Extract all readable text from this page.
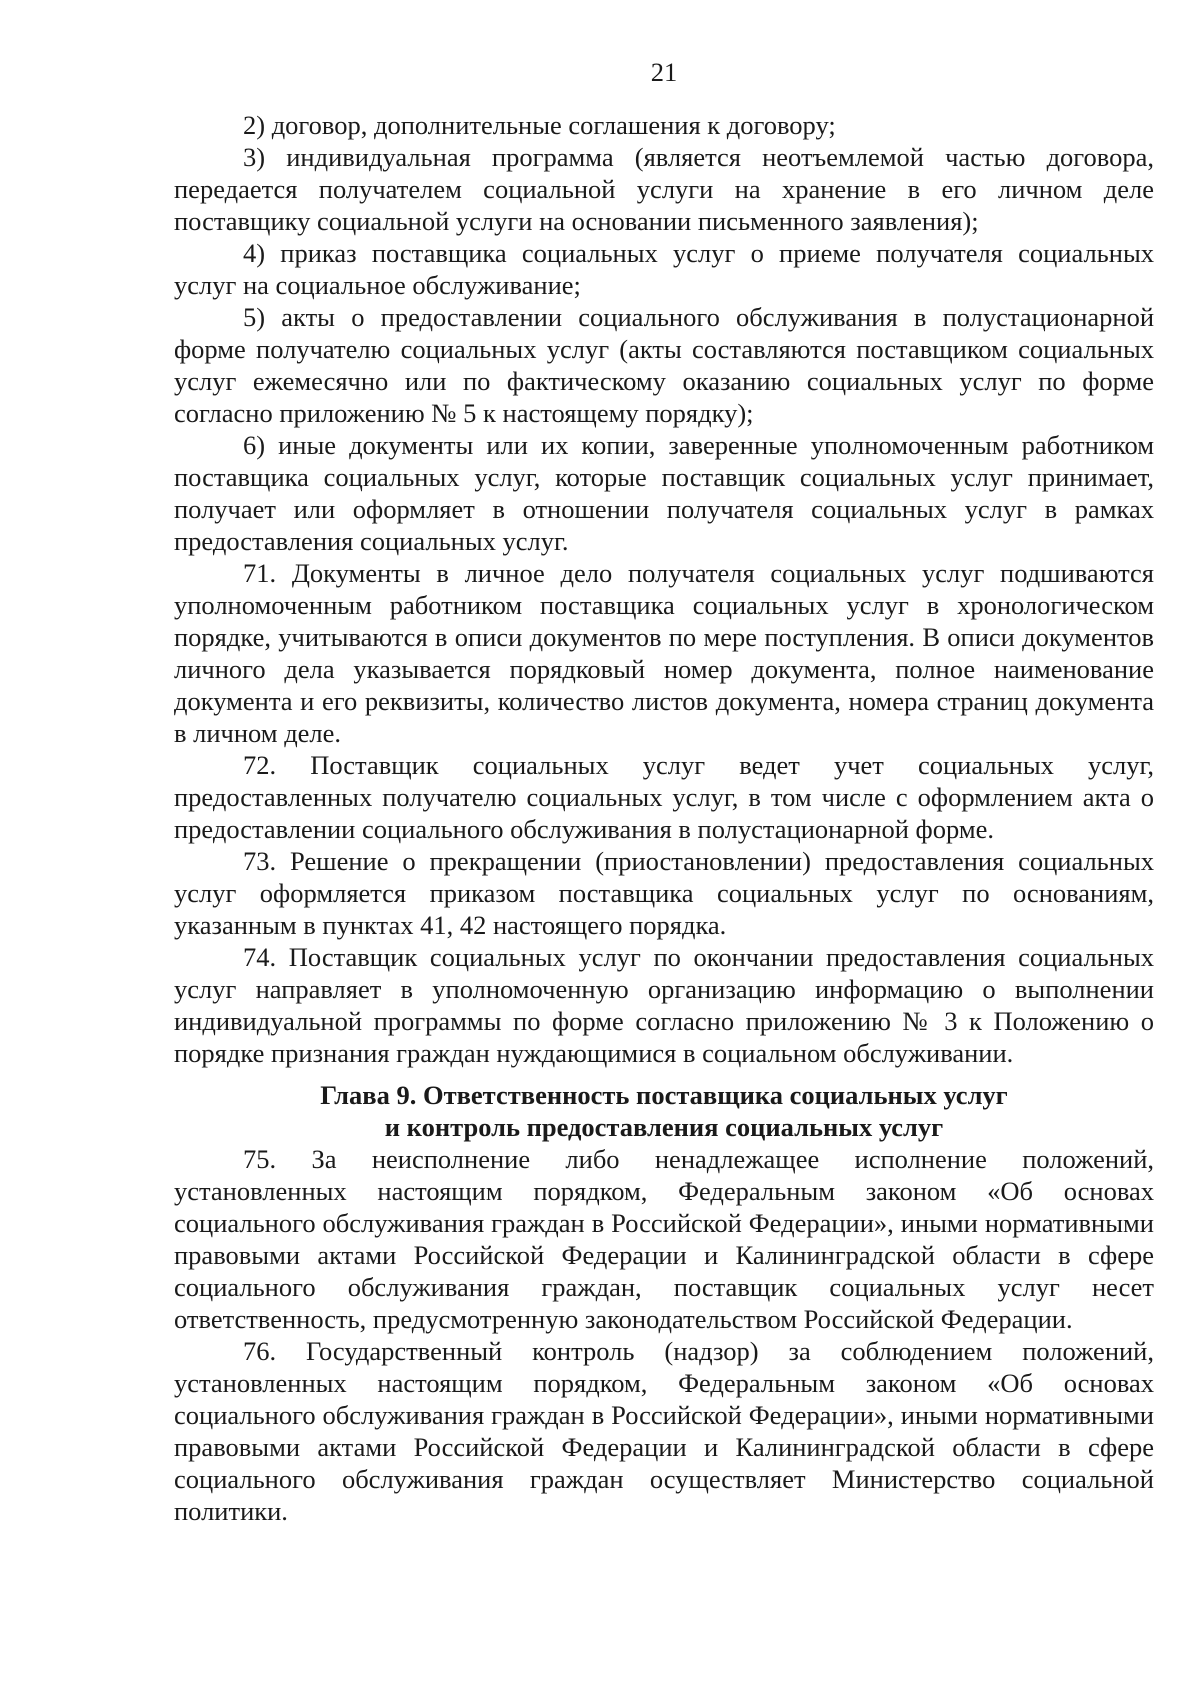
21

2) договор, дополнительные соглашения к договору;

3) индивидуальная программа (является неотъемлемой частью договора, передается получателем социальной услуги на хранение в его личном деле поставщику социальной услуги на основании письменного заявления);

4) приказ поставщика социальных услуг о приеме получателя социальных услуг на социальное обслуживание;

5) акты о предоставлении социального обслуживания в полустационарной форме получателю социальных услуг (акты составляются поставщиком социальных услуг ежемесячно или по фактическому оказанию социальных услуг по форме согласно приложению № 5 к настоящему порядку);

6) иные документы или их копии, заверенные уполномоченным работником поставщика социальных услуг, которые поставщик социальных услуг принимает, получает или оформляет в отношении получателя социальных услуг в рамках предоставления социальных услуг.

71. Документы в личное дело получателя социальных услуг подшиваются уполномоченным работником поставщика социальных услуг в хронологическом порядке, учитываются в описи документов по мере поступления. В описи документов личного дела указывается порядковый номер документа, полное наименование документа и его реквизиты, количество листов документа, номера страниц документа в личном деле.

72. Поставщик социальных услуг ведет учет социальных услуг, предоставленных получателю социальных услуг, в том числе с оформлением акта о предоставлении социального обслуживания в полустационарной форме.

73. Решение о прекращении (приостановлении) предоставления социальных услуг оформляется приказом поставщика социальных услуг по основаниям, указанным в пунктах 41, 42 настоящего порядка.

74. Поставщик социальных услуг по окончании предоставления социальных услуг направляет в уполномоченную организацию информацию о выполнении индивидуальной программы по форме согласно приложению № 3 к Положению о порядке признания граждан нуждающимися в социальном обслуживании.

Глава 9. Ответственность поставщика социальных услуг
и контроль предоставления социальных услуг

75. За неисполнение либо ненадлежащее исполнение положений, установленных настоящим порядком, Федеральным законом «Об основах социального обслуживания граждан в Российской Федерации», иными нормативными правовыми актами Российской Федерации и Калининградской области в сфере социального обслуживания граждан, поставщик социальных услуг несет ответственность, предусмотренную законодательством Российской Федерации.

76. Государственный контроль (надзор) за соблюдением положений, установленных настоящим порядком, Федеральным законом «Об основах социального обслуживания граждан в Российской Федерации», иными нормативными правовыми актами Российской Федерации и Калининградской области в сфере социального обслуживания граждан осуществляет Министерство социальной политики.
